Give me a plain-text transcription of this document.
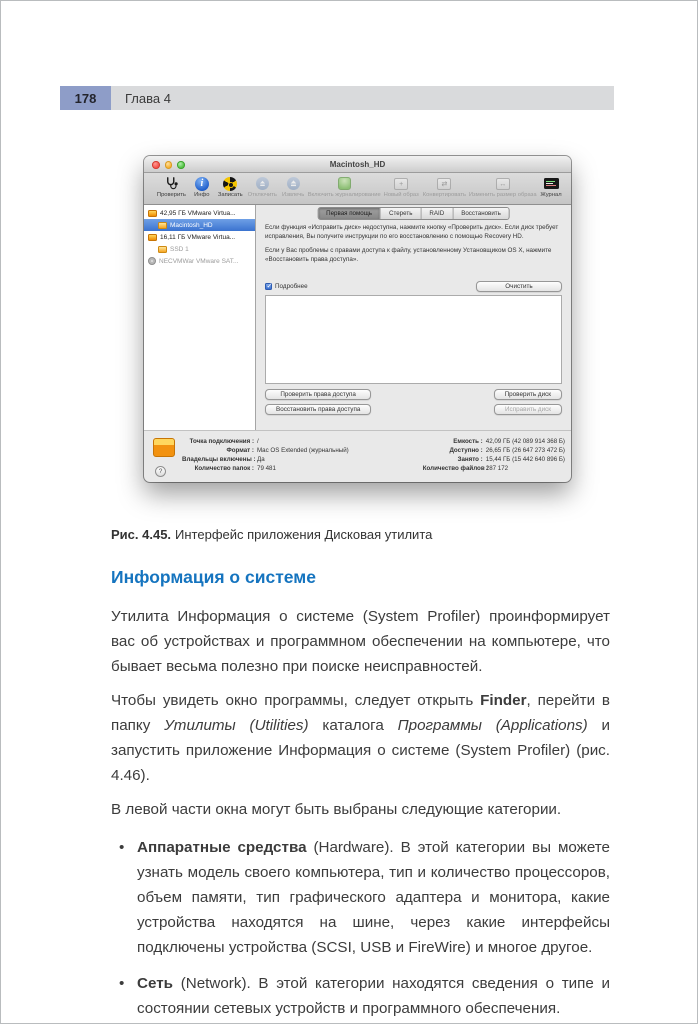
178	Глава 4
Macintosh_HD
Проверить
i
Инфо Записать Отключить Извлечь Включить журналирование
+
Новый образ
⇄
Конвертировать
↔
Изменить размер образа Журнал
42,95 ГБ VMware Virtua...
Macintosh_HD
16,11 ГБ VMware Virtua...
SSD 1
NECVMWar VMware SAT...
Первая помощь	Стереть	RAID	Восстановить

Если функция «Исправить диск» недоступна, нажмите кнопку «Проверить диск». Если диск требует исправления, Вы получите инструкции по его восстановлению с помощью Recovery HD.

Если у Вас проблемы с правами доступа к файлу, установленному Установщиком OS X, нажмите «Восстановить права доступа».

✓
Подробнее	Очистить
Проверить права доступа
Восстановить права доступа
Проверить диск
Исправить диск
?
Точка подключения : /
Формат : Mac OS Extended (журнальный)
Владельцы включены : Да
Количество папок : 79 481
Емкость : 42,09 ГБ (42 089 914 368 Б)
Доступно : 26,65 ГБ (26 647 273 472 Б)
Занято : 15,44 ГБ (15 442 640 896 Б)
Количество файлов :
287 172
Рис. 4.45. Интерфейс приложения Дисковая утилита
Информация о системе

Утилита Информация о системе (System Profiler) проинформирует вас об устройствах и программном обеспечении на компьютере, что бывает весьма полезно при поиске неисправностей.

Чтобы увидеть окно программы, следует открыть Finder, перейти в папку Утилиты (Utilities) каталога Программы (Applications) и запустить приложение Информация о системе (System Profiler) (рис. 4.46).

В левой части окна могут быть выбраны следующие категории.

• Аппаратные средства (Hardware). В этой категории вы можете узнать модель своего компьютера, тип и количество процессоров, объем памяти, тип графического адаптера и монитора, какие устройства находятся на шине, через какие интерфейсы подключены устройства (SCSI, USB и FireWire) и многое другое.
• Сеть (Network). В этой категории находятся сведения о типе и состоянии сетевых устройств и программного обеспечения.
